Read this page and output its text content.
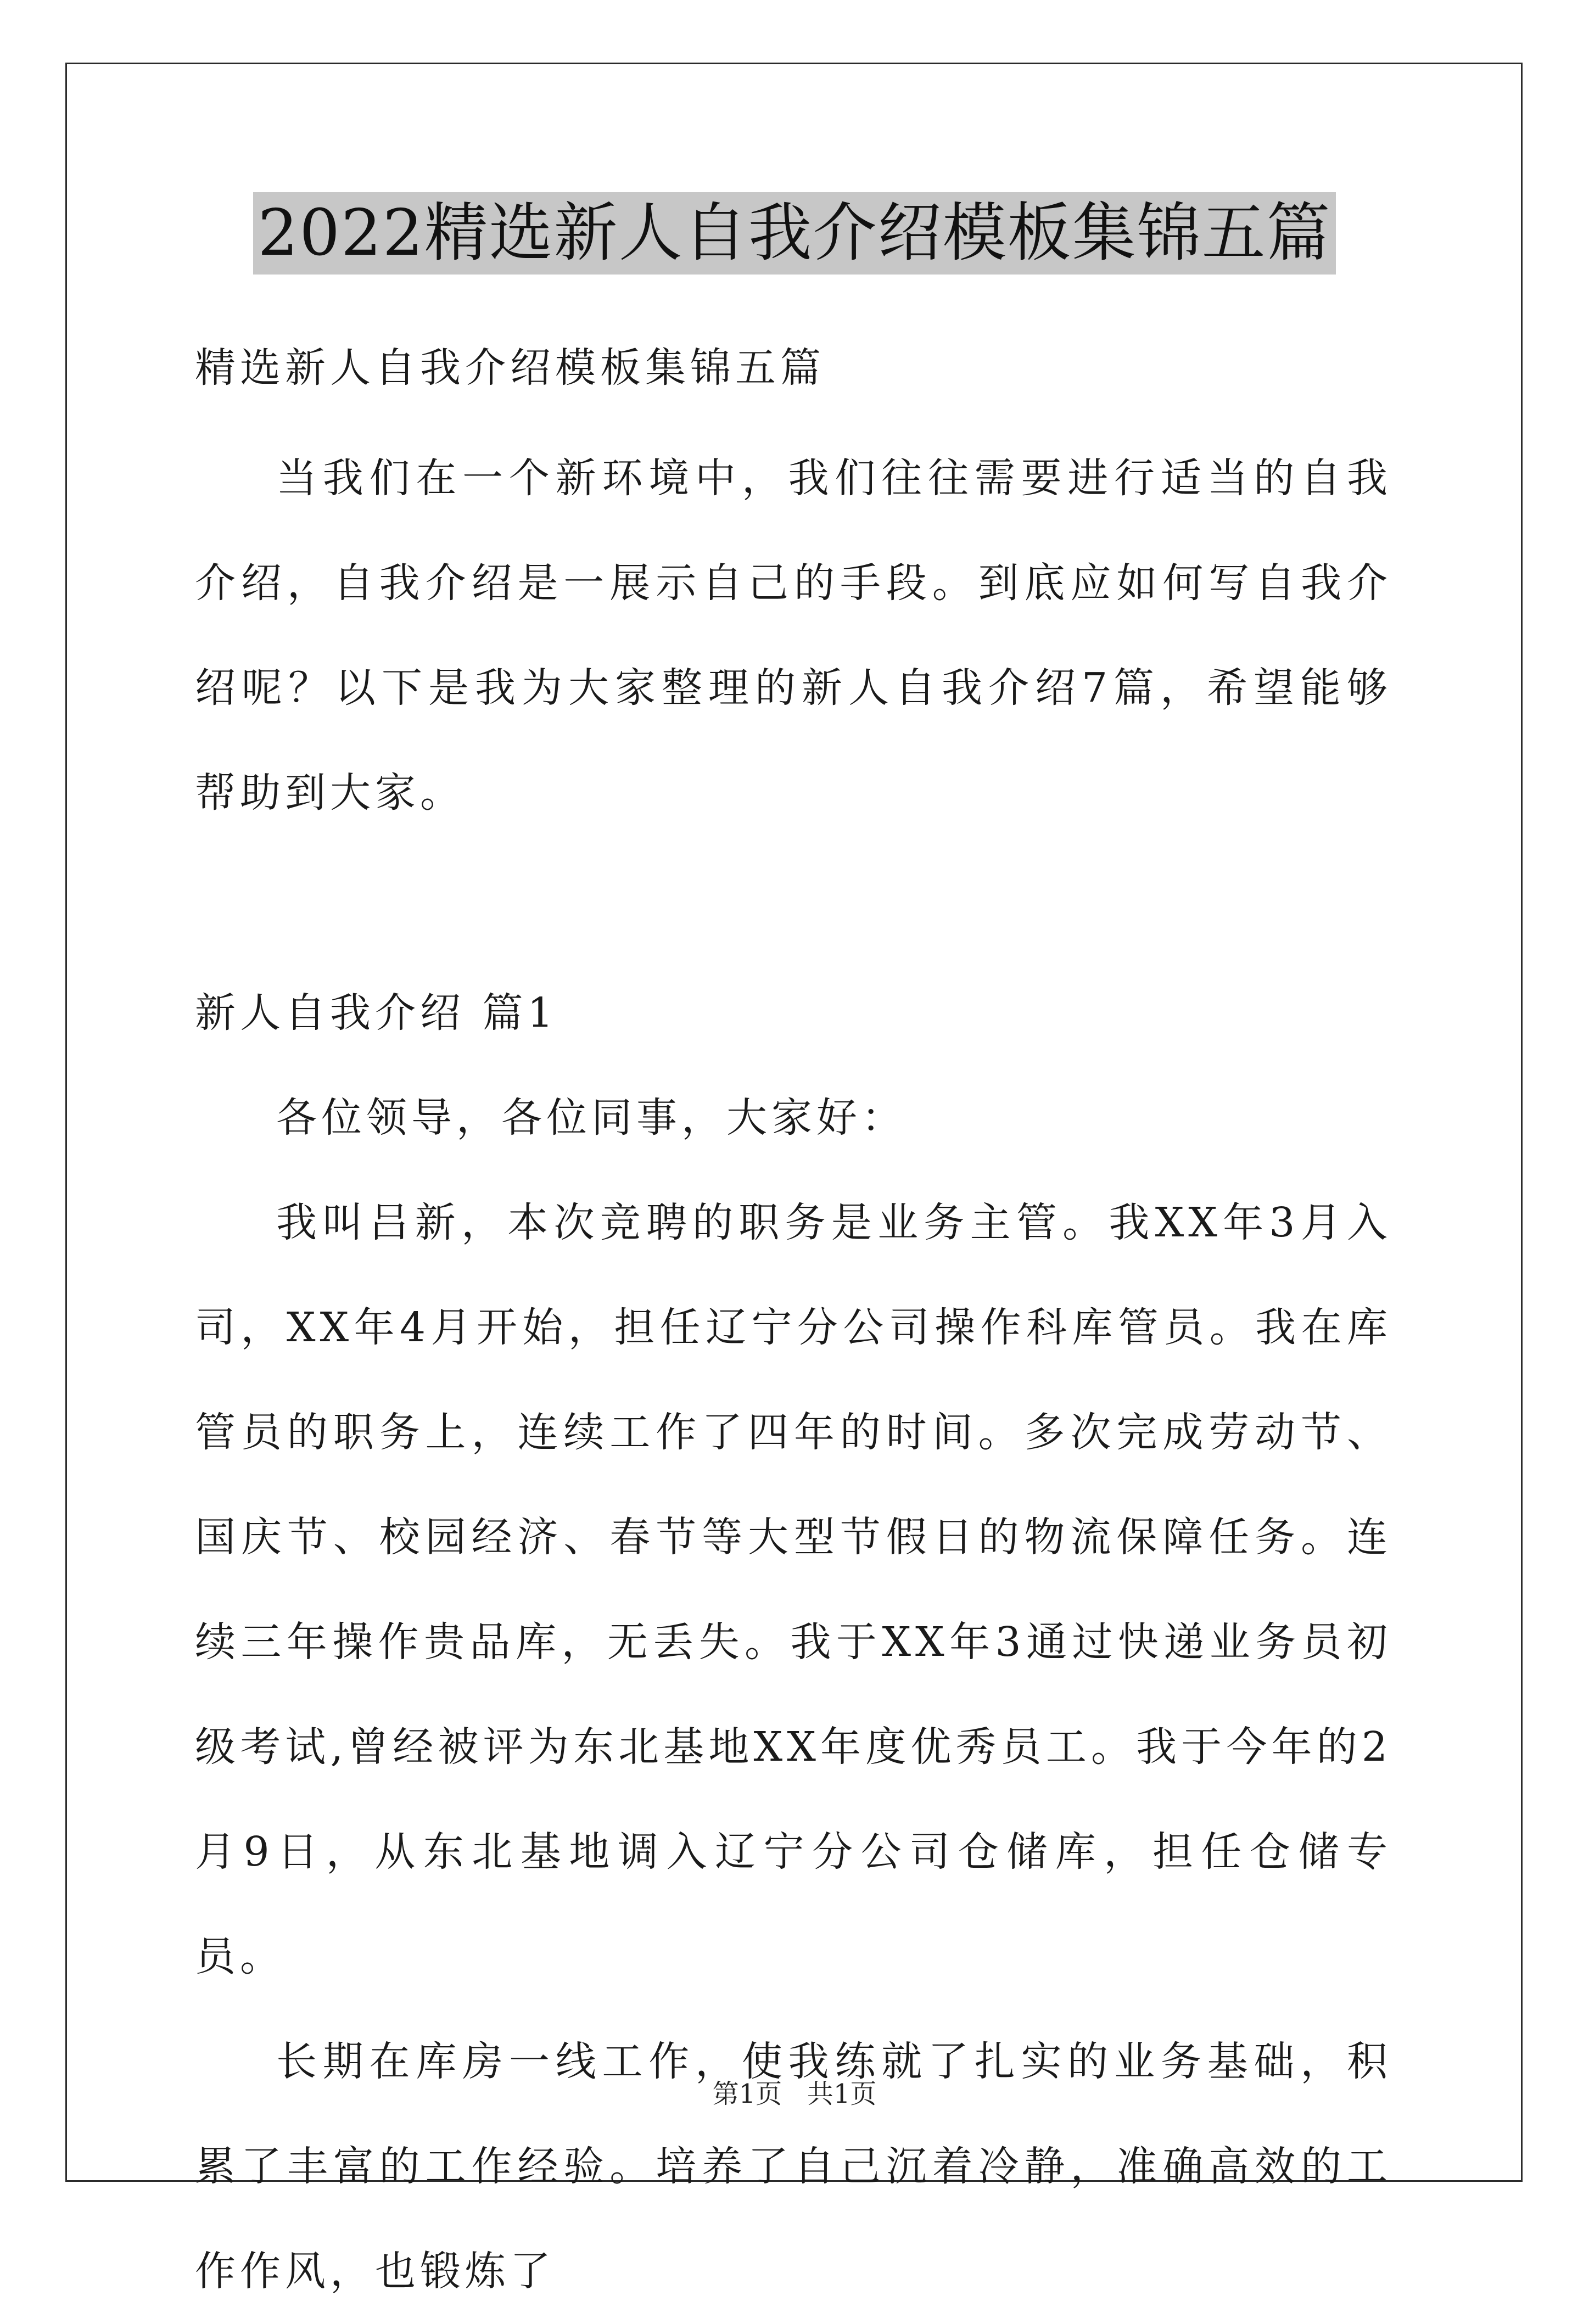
2022精选新人自我介绍模板集锦五篇

精选新人自我介绍模板集锦五篇

当我们在一个新环境中，我们往往需要进行适当的自我介绍，自我介绍是一展示自己的手段。到底应如何写自我介绍呢？以下是我为大家整理的新人自我介绍7篇，希望能够帮助到大家。

新人自我介绍 篇1

各位领导，各位同事，大家好：

我叫吕新，本次竞聘的职务是业务主管。我XX年3月入司，XX年4月开始，担任辽宁分公司操作科库管员。我在库管员的职务上，连续工作了四年的时间。多次完成劳动节、国庆节、校园经济、春节等大型节假日的物流保障任务。连续三年操作贵品库，无丢失。我于XX年3通过快递业务员初级考试,曾经被评为东北基地XX年度优秀员工。我于今年的2月9日，从东北基地调入辽宁分公司仓储库，担任仓储专员。

长期在库房一线工作，使我练就了扎实的业务基础，积累了丰富的工作经验。培养了自己沉着冷静，准确高效的工作作风，也锻炼了

第1页   共1页
